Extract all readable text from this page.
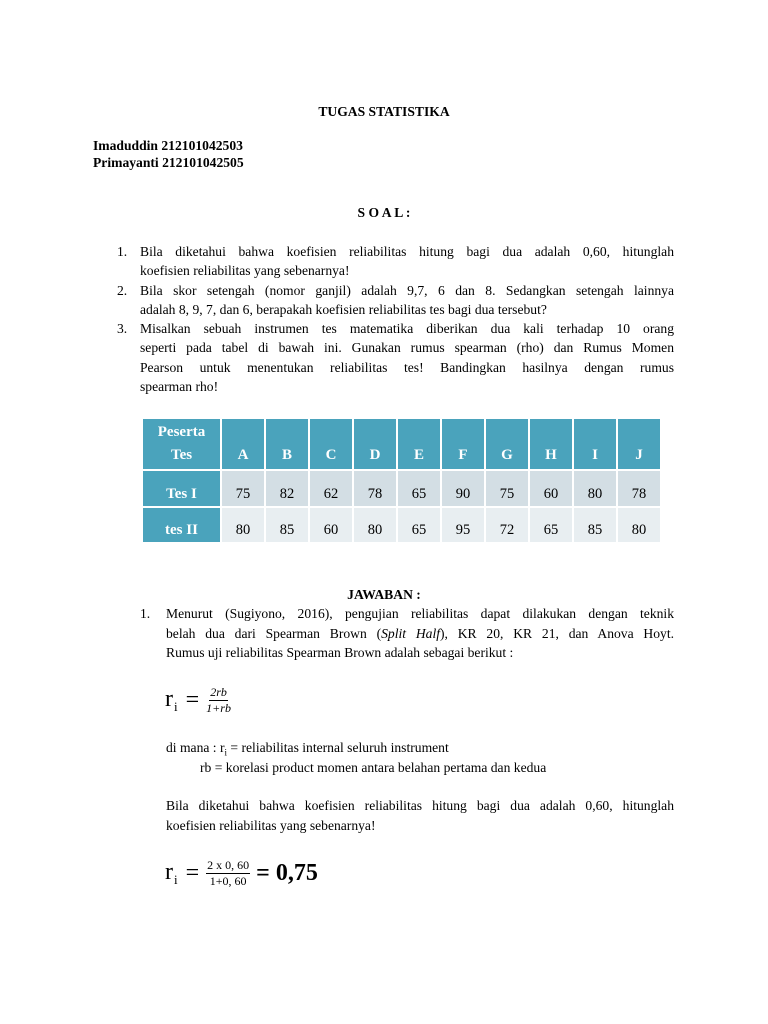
TUGAS STATISTIKA
Imaduddin 212101042503
Primayanti 212101042505
S O A L :
1. Bila diketahui bahwa koefisien reliabilitas hitung bagi dua adalah 0,60, hitunglah
koefisien reliabilitas yang sebenarnya!
2. Bila skor setengah (nomor ganjil) adalah 9,7, 6 dan 8. Sedangkan setengah lainnya
adalah 8, 9, 7, dan 6, berapakah koefisien reliabilitas tes bagi dua tersebut?
3. Misalkan sebuah instrumen tes matematika diberikan dua kali terhadap 10 orang
seperti pada tabel di bawah ini. Gunakan rumus spearman (rho) dan Rumus Momen
Pearson untuk menentukan reliabilitas tes! Bandingkan hasilnya dengan rumus
spearman rho!
Peserta
Tes	A	B	C	D	E	F	G	H	I	J
Tes I	75	82	62	78	65	90	75	60	80	78
tes II	80	85	60	80	65	95	72	65	85	80
JAWABAN :
1.	Menurut (Sugiyono, 2016), pengujian reliabilitas dapat dilakukan dengan teknik
belah dua dari Spearman Brown (Split Half), KR 20, KR 21, dan Anova Hoyt.
Rumus uji reliabilitas Spearman Brown adalah sebagai berikut :
$r_i = \frac{2rb}{1+rb}$
di mana : $r_i$ = reliabilitas internal seluruh instrument
rb = korelasi product momen antara belahan pertama dan kedua
Bila diketahui bahwa koefisien reliabilitas hitung bagi dua adalah 0,60, hitunglah
koefisien reliabilitas yang sebenarnya!
$r_i = \frac{2 x 0, 60}{1+0, 60} = 0,75$
